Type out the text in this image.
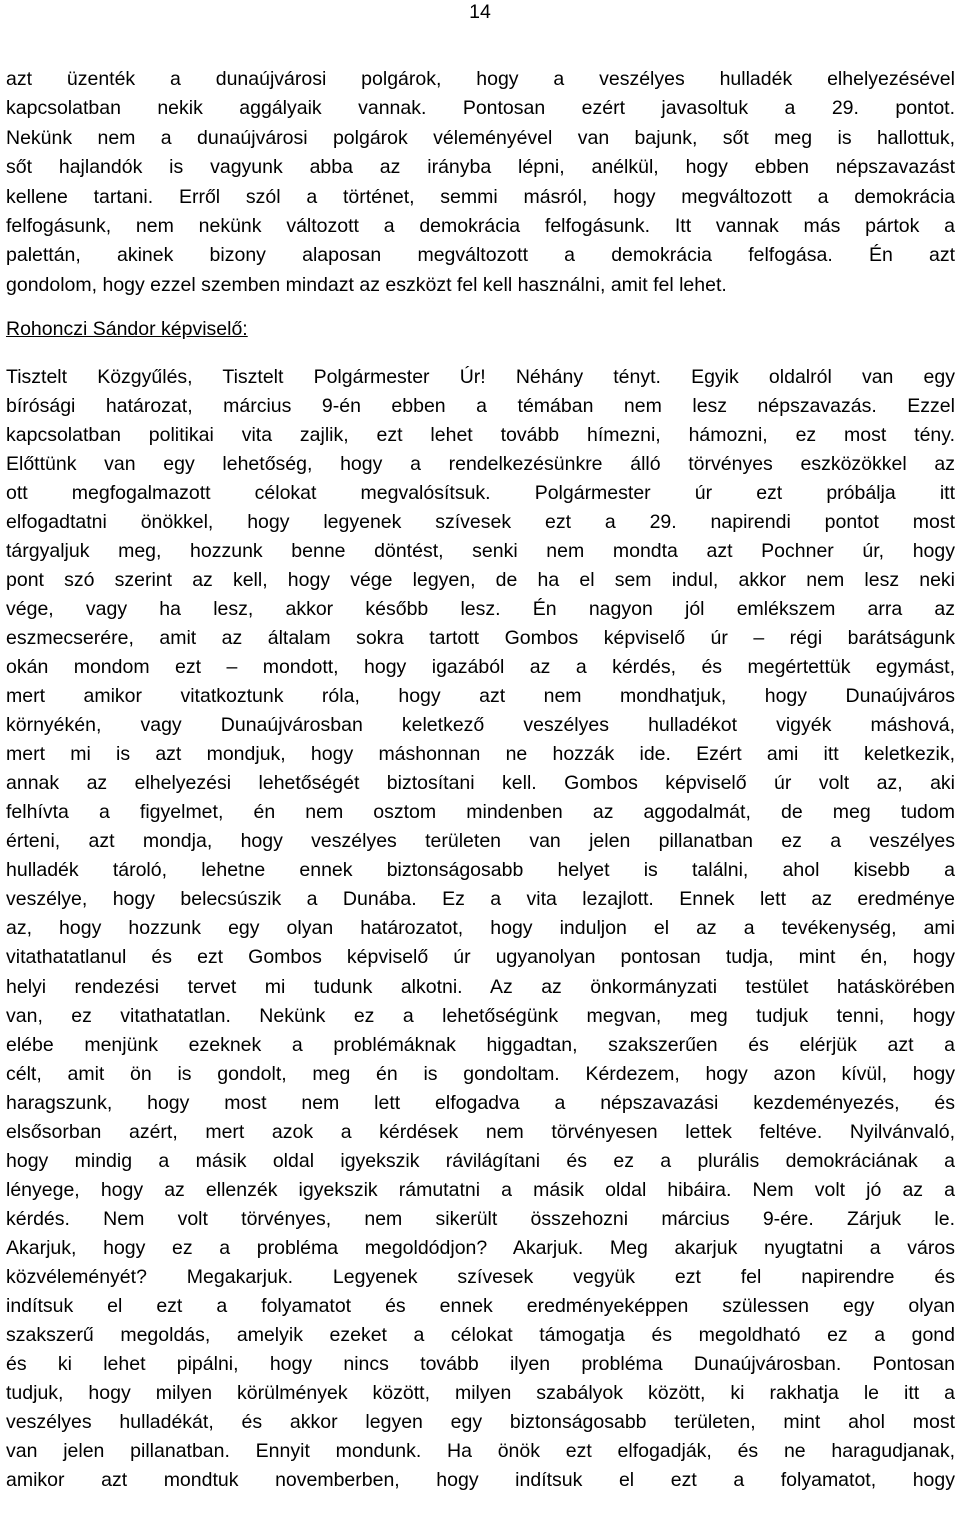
14
azt üzenték a dunaújvárosi polgárok, hogy a veszélyes hulladék elhelyezésével
kapcsolatban nekik aggályaik vannak. Pontosan ezért javasoltuk a 29. pontot.
Nekünk nem a dunaújvárosi polgárok véleményével van bajunk, sőt meg is hallottuk,
sőt hajlandók is vagyunk abba az irányba lépni, anélkül, hogy ebben népszavazást
kellene tartani. Erről szól a történet, semmi másról, hogy megváltozott a demokrácia
felfogásunk, nem nekünk változott a demokrácia felfogásunk. Itt vannak más pártok a
palettán, akinek bizony alaposan megváltozott a demokrácia felfogása. Én azt
gondolom, hogy ezzel szemben mindazt az eszközt fel kell használni, amit fel lehet.
Rohonczi Sándor képviselő:
Tisztelt Közgyűlés, Tisztelt Polgármester Úr! Néhány tényt. Egyik oldalról van egy
bírósági határozat, március 9-én ebben a témában nem lesz népszavazás. Ezzel
kapcsolatban politikai vita zajlik, ezt lehet tovább hímezni, hámozni, ez most tény.
Előttünk van egy lehetőség, hogy a rendelkezésünkre álló törvényes eszközökkel az
ott megfogalmazott célokat megvalósítsuk. Polgármester úr ezt próbálja itt
elfogadtatni önökkel, hogy legyenek szívesek ezt a 29. napirendi pontot most
tárgyaljuk meg, hozzunk benne döntést, senki nem mondta azt Pochner úr, hogy
pont szó szerint az kell, hogy vége legyen, de ha el sem indul, akkor nem lesz neki
vége, vagy ha lesz, akkor később lesz. Én nagyon jól emlékszem arra az
eszmecserére, amit az általam sokra tartott Gombos képviselő úr – régi barátságunk
okán mondom ezt – mondott, hogy igazából az a kérdés, és megértettük egymást,
mert amikor vitatkoztunk róla, hogy azt nem mondhatjuk, hogy Dunaújváros
környékén, vagy Dunaújvárosban keletkező veszélyes hulladékot vigyék máshová,
mert mi is azt mondjuk, hogy máshonnan ne hozzák ide. Ezért ami itt keletkezik,
annak az elhelyezési lehetőségét biztosítani kell. Gombos képviselő úr volt az, aki
felhívta a figyelmet, én nem osztom mindenben az aggodalmát, de meg tudom
érteni, azt mondja, hogy veszélyes területen van jelen pillanatban ez a veszélyes
hulladék tároló, lehetne ennek biztonságosabb helyet is találni, ahol kisebb a
veszélye, hogy belecsúszik a Dunába. Ez a vita lezajlott. Ennek lett az eredménye
az, hogy hozzunk egy olyan határozatot, hogy induljon el az a tevékenység, ami
vitathatatlanul és ezt Gombos képviselő úr ugyanolyan pontosan tudja, mint én, hogy
helyi rendezési tervet mi tudunk alkotni. Az az önkormányzati testület hatáskörében
van, ez vitathatatlan. Nekünk ez a lehetőségünk megvan, meg tudjuk tenni, hogy
elébe menjünk ezeknek a problémáknak higgadtan, szakszerűen és elérjük azt a
célt, amit ön is gondolt, meg én is gondoltam. Kérdezem, hogy azon kívül, hogy
haragszunk, hogy most nem lett elfogadva a népszavazási kezdeményezés, és
elsősorban azért, mert azok a kérdések nem törvényesen lettek feltéve. Nyilvánvaló,
hogy mindig a másik oldal igyekszik rávilágítani és ez a plurális demokráciának a
lényege, hogy az ellenzék igyekszik rámutatni a másik oldal hibáira. Nem volt jó az a
kérdés. Nem volt törvényes, nem sikerült összehozni március 9-ére. Zárjuk le.
Akarjuk, hogy ez a probléma megoldódjon? Akarjuk. Meg akarjuk nyugtatni a város
közvéleményét? Megakarjuk. Legyenek szívesek vegyük ezt fel napirendre és
indítsuk el ezt a folyamatot és ennek eredményeképpen szülessen egy olyan
szakszerű megoldás, amelyik ezeket a célokat támogatja és megoldható ez a gond
és ki lehet pipálni, hogy nincs tovább ilyen probléma Dunaújvárosban. Pontosan
tudjuk, hogy milyen körülmények között, milyen szabályok között, ki rakhatja le itt a
veszélyes hulladékát, és akkor legyen egy biztonságosabb területen, mint ahol most
van jelen pillanatban. Ennyit mondunk. Ha önök ezt elfogadják, és ne haragudjanak,
amikor azt mondtuk novemberben, hogy indítsuk el ezt a folyamatot, hogy
